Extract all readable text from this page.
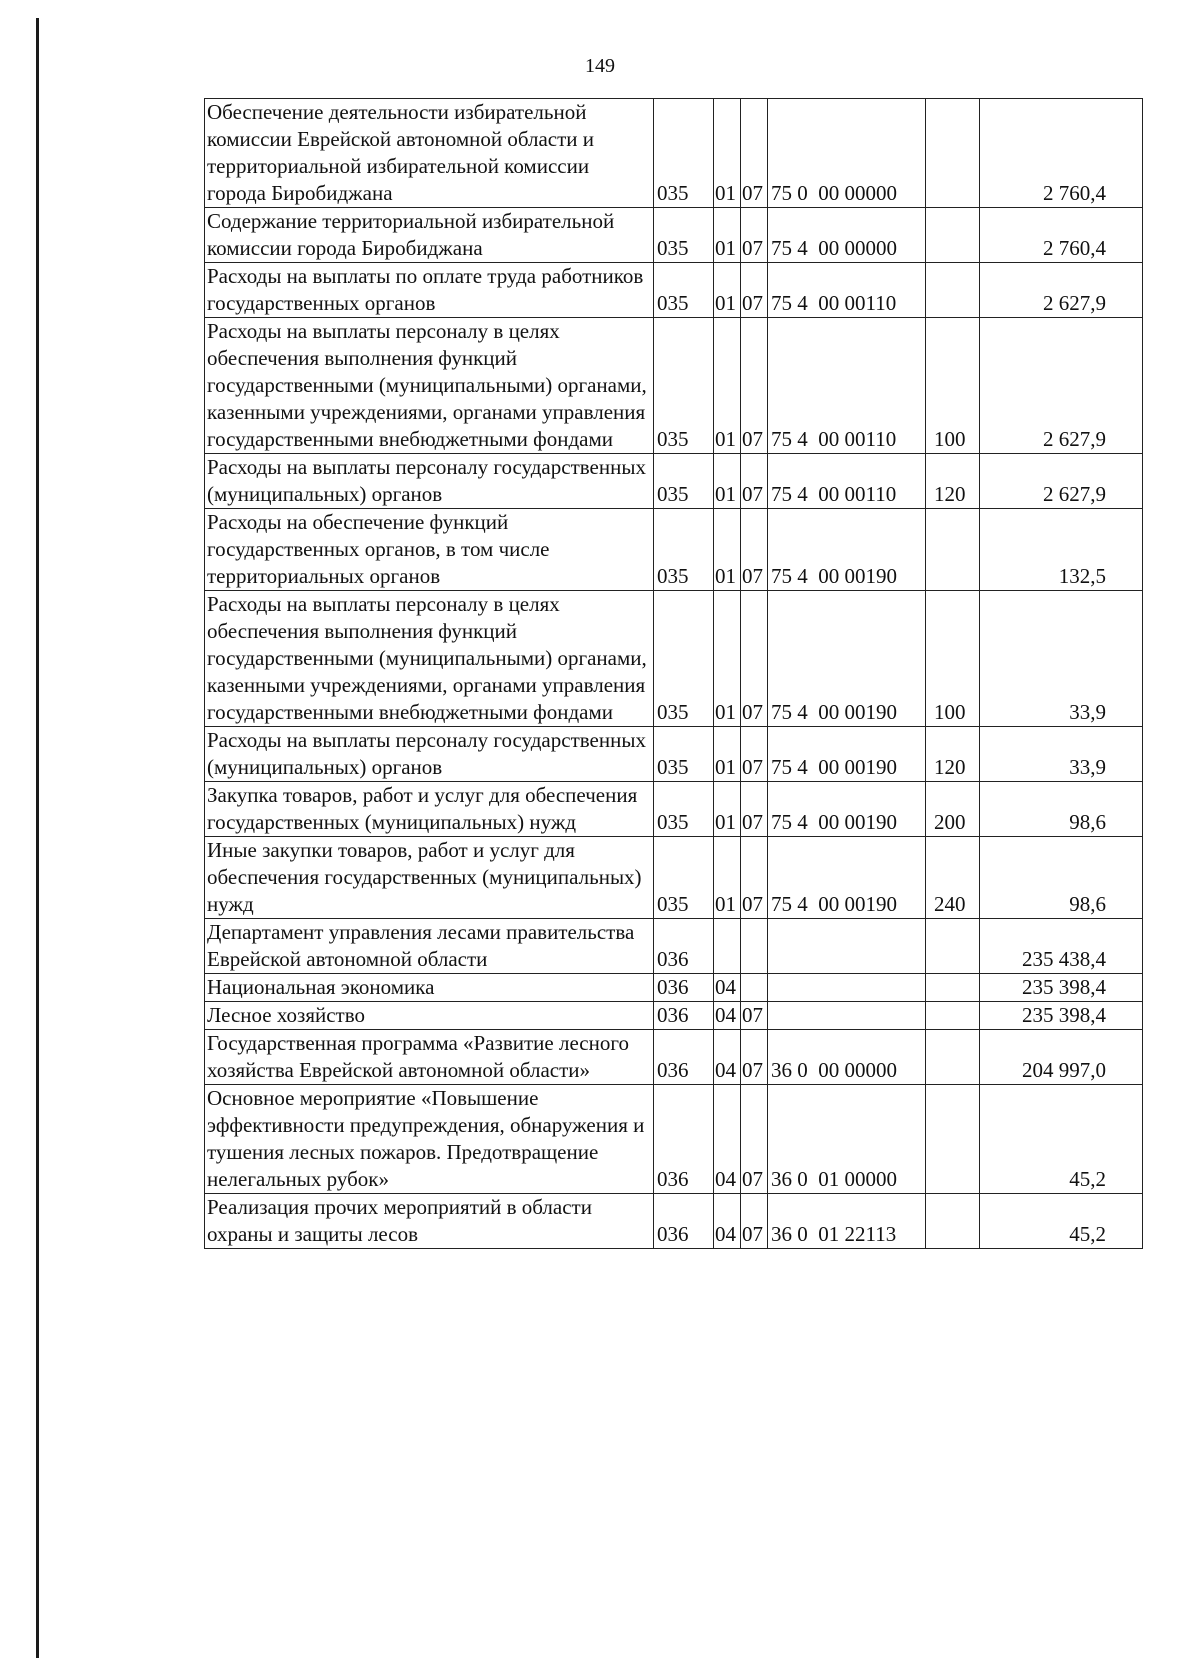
149
Обеспечение деятельности избирательной комиссии Еврейской автономной области и территориальной избирательной комиссии города Биробиджана	035	01	07	75 0  00 00000		2 760,4
Содержание территориальной избирательной комиссии города Биробиджана	035	01	07	75 4  00 00000		2 760,4
Расходы на выплаты по оплате труда работников государственных органов	035	01	07	75 4  00 00110		2 627,9
Расходы на выплаты персоналу в целях обеспечения выполнения функций государственными (муниципальными) органами, казенными учреждениями, органами управления государственными внебюджетными фондами	035	01	07	75 4  00 00110	100	2 627,9
Расходы на выплаты персоналу государственных (муниципальных) органов	035	01	07	75 4  00 00110	120	2 627,9
Расходы на обеспечение функций государственных органов, в том числе территориальных органов	035	01	07	75 4  00 00190		132,5
Расходы на выплаты персоналу в целях обеспечения выполнения функций государственными (муниципальными) органами, казенными учреждениями, органами управления государственными внебюджетными фондами	035	01	07	75 4  00 00190	100	33,9
Расходы на выплаты персоналу государственных (муниципальных) органов	035	01	07	75 4  00 00190	120	33,9
Закупка товаров, работ и услуг для обеспечения государственных (муниципальных) нужд	035	01	07	75 4  00 00190	200	98,6
Иные закупки товаров, работ и услуг для обеспечения государственных (муниципальных) нужд	035	01	07	75 4  00 00190	240	98,6
Департамент управления лесами правительства Еврейской автономной области	036					235 438,4
Национальная экономика	036	04				235 398,4
Лесное хозяйство	036	04	07			235 398,4
Государственная программа «Развитие лесного хозяйства Еврейской автономной области»	036	04	07	36 0  00 00000		204 997,0
Основное мероприятие «Повышение эффективности предупреждения, обнаружения и тушения лесных пожаров. Предотвращение нелегальных рубок»	036	04	07	36 0  01 00000		45,2
Реализация прочих мероприятий в области охраны и защиты лесов	036	04	07	36 0  01 22113		45,2
